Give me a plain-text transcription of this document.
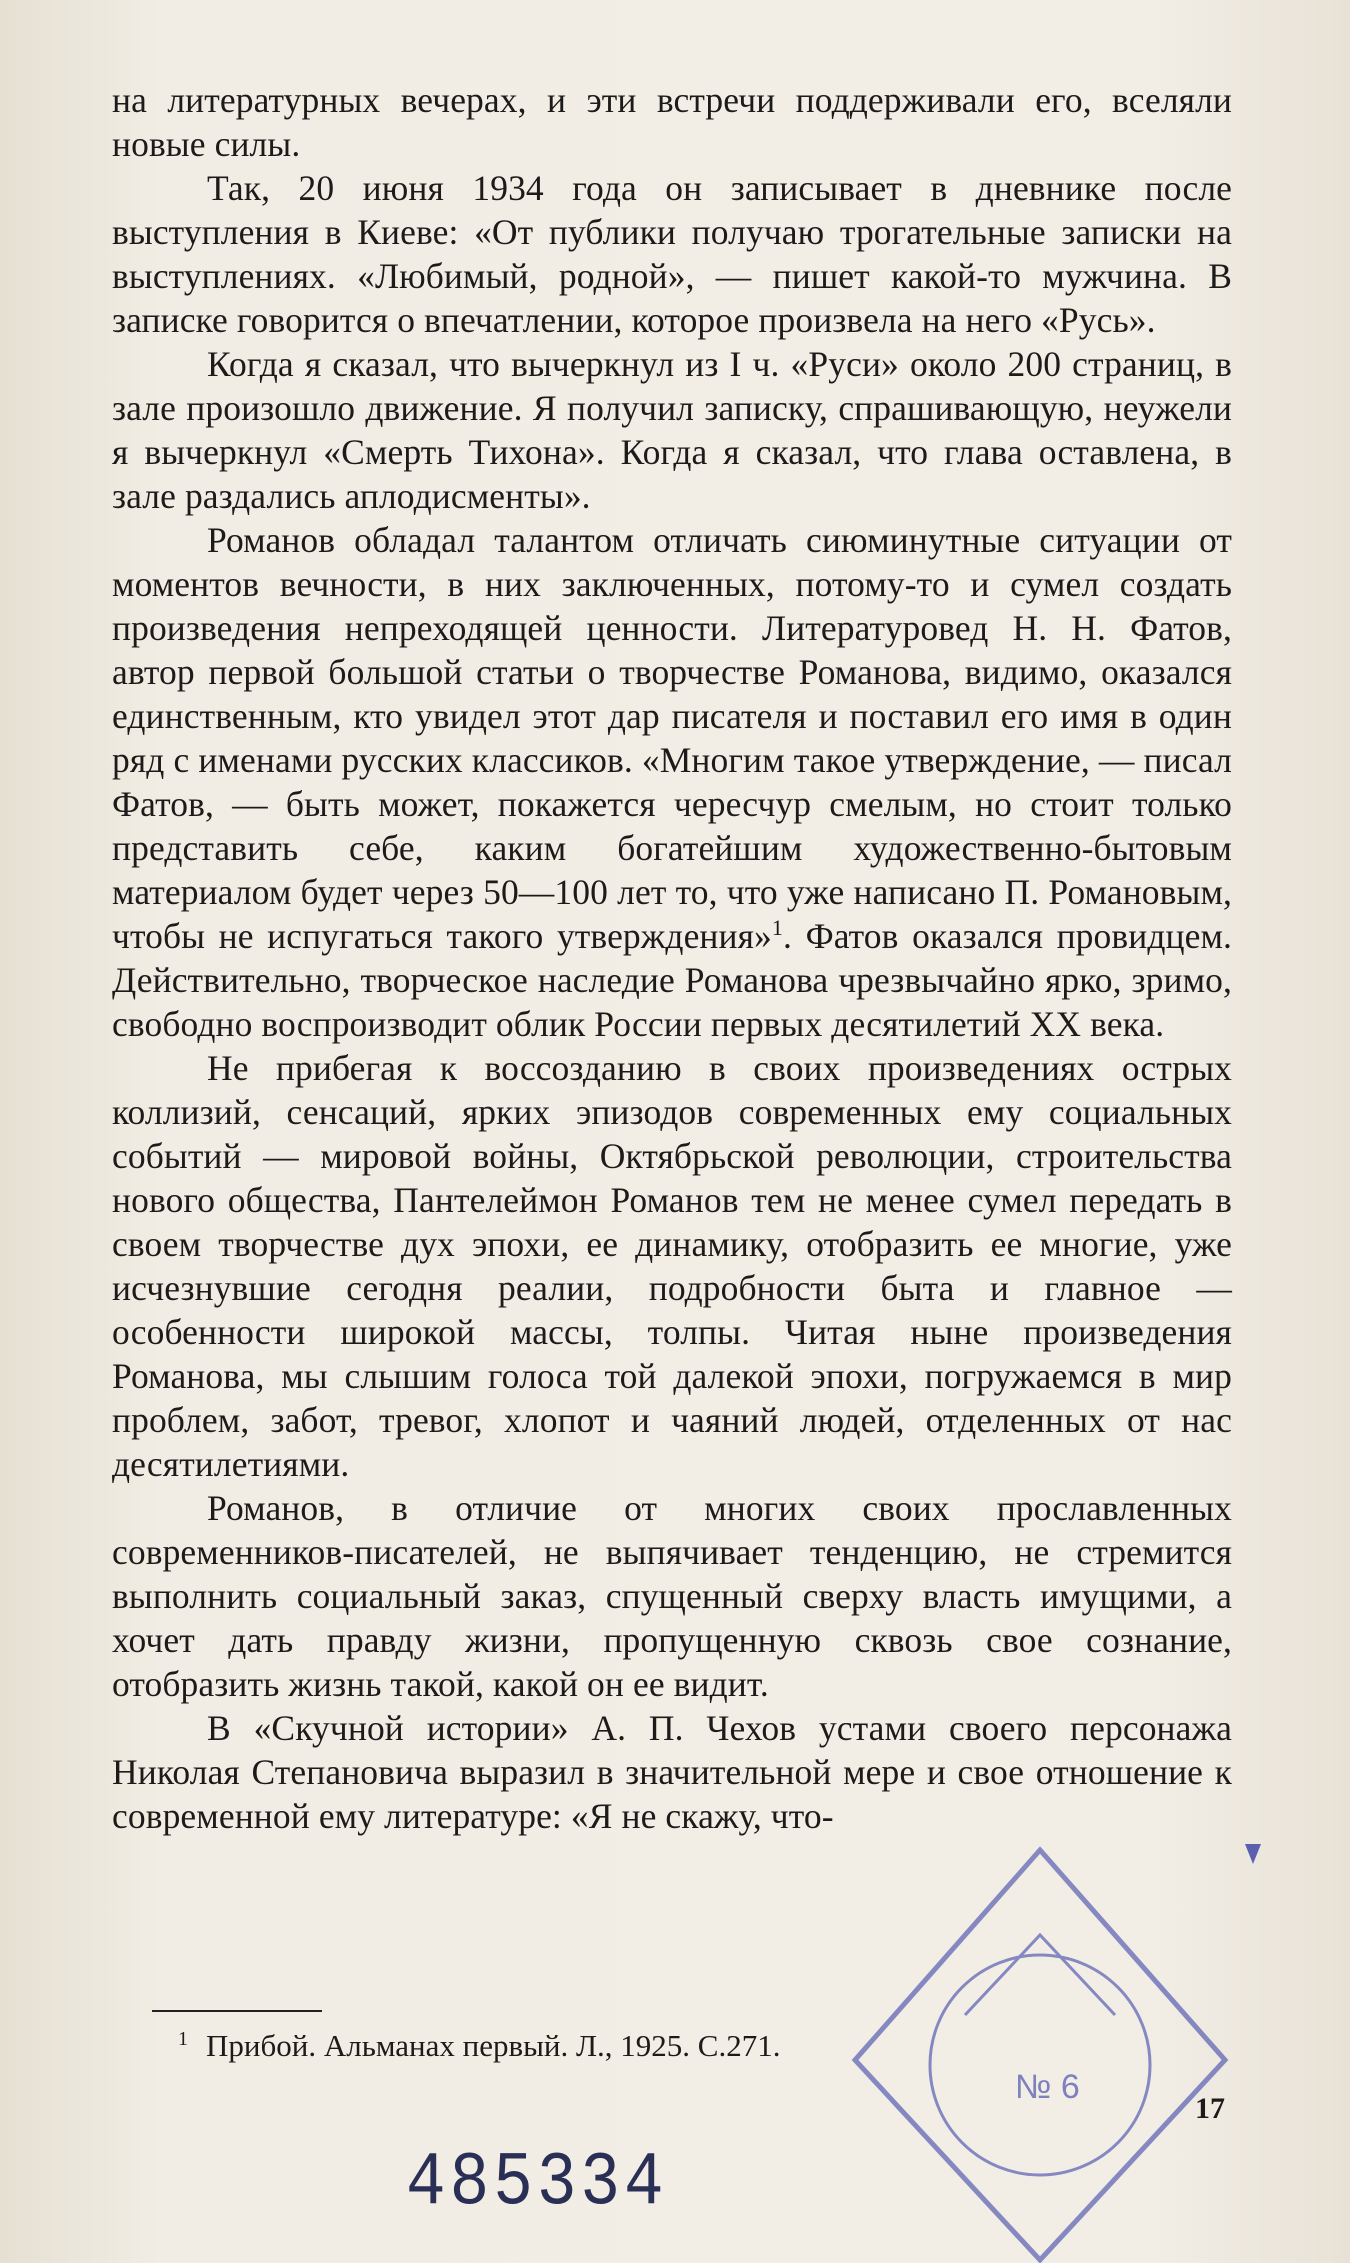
на литературных вечерах, и эти встречи поддерживали его, вселяли новые силы.

Так, 20 июня 1934 года он записывает в дневнике после выступления в Киеве: «От публики получаю трогательные записки на выступлениях. «Любимый, родной», — пишет какой-то мужчина. В записке говорится о впечатлении, которое произвела на него «Русь».

Когда я сказал, что вычеркнул из I ч. «Руси» около 200 страниц, в зале произошло движение. Я получил записку, спрашивающую, неужели я вычеркнул «Смерть Тихона». Когда я сказал, что глава оставлена, в зале раздались аплодисменты».

Романов обладал талантом отличать сиюминутные ситуации от моментов вечности, в них заключенных, потому-то и сумел создать произведения непреходящей ценности. Литературовед Н. Н. Фатов, автор первой большой статьи о творчестве Романова, видимо, оказался единственным, кто увидел этот дар писателя и поставил его имя в один ряд с именами русских классиков. «Многим такое утверждение, — писал Фатов, — быть может, покажется чересчур смелым, но стоит только представить себе, каким богатейшим художественно-бытовым материалом будет через 50—100 лет то, что уже написано П. Романовым, чтобы не испугаться такого утверждения»$^1$. Фатов оказался провидцем. Действительно, творческое наследие Романова чрезвычайно ярко, зримо, свободно воспроизводит облик России первых десятилетий XX века.

Не прибегая к воссозданию в своих произведениях острых коллизий, сенсаций, ярких эпизодов современных ему социальных событий — мировой войны, Октябрьской революции, строительства нового общества, Пантелеймон Романов тем не менее сумел передать в своем творчестве дух эпохи, ее динамику, отобразить ее многие, уже исчезнувшие сегодня реалии, подробности быта и главное — особенности широкой массы, толпы. Читая ныне произведения Романова, мы слышим голоса той далекой эпохи, погружаемся в мир проблем, забот, тревог, хлопот и чаяний людей, отделенных от нас десятилетиями.

Романов, в отличие от многих своих прославленных современников-писателей, не выпячивает тенденцию, не стремится выполнить социальный заказ, спущенный сверху власть имущими, а хочет дать правду жизни, пропущенную сквозь свое сознание, отобразить жизнь такой, какой он ее видит.

В «Скучной истории» А. П. Чехов устами своего персонажа Николая Степановича выразил в значительной мере и свое отношение к современной ему литературе: «Я не скажу, что-

$^1$ Прибой. Альманах первый. Л., 1925. С.271.
17
485334
№ 6
